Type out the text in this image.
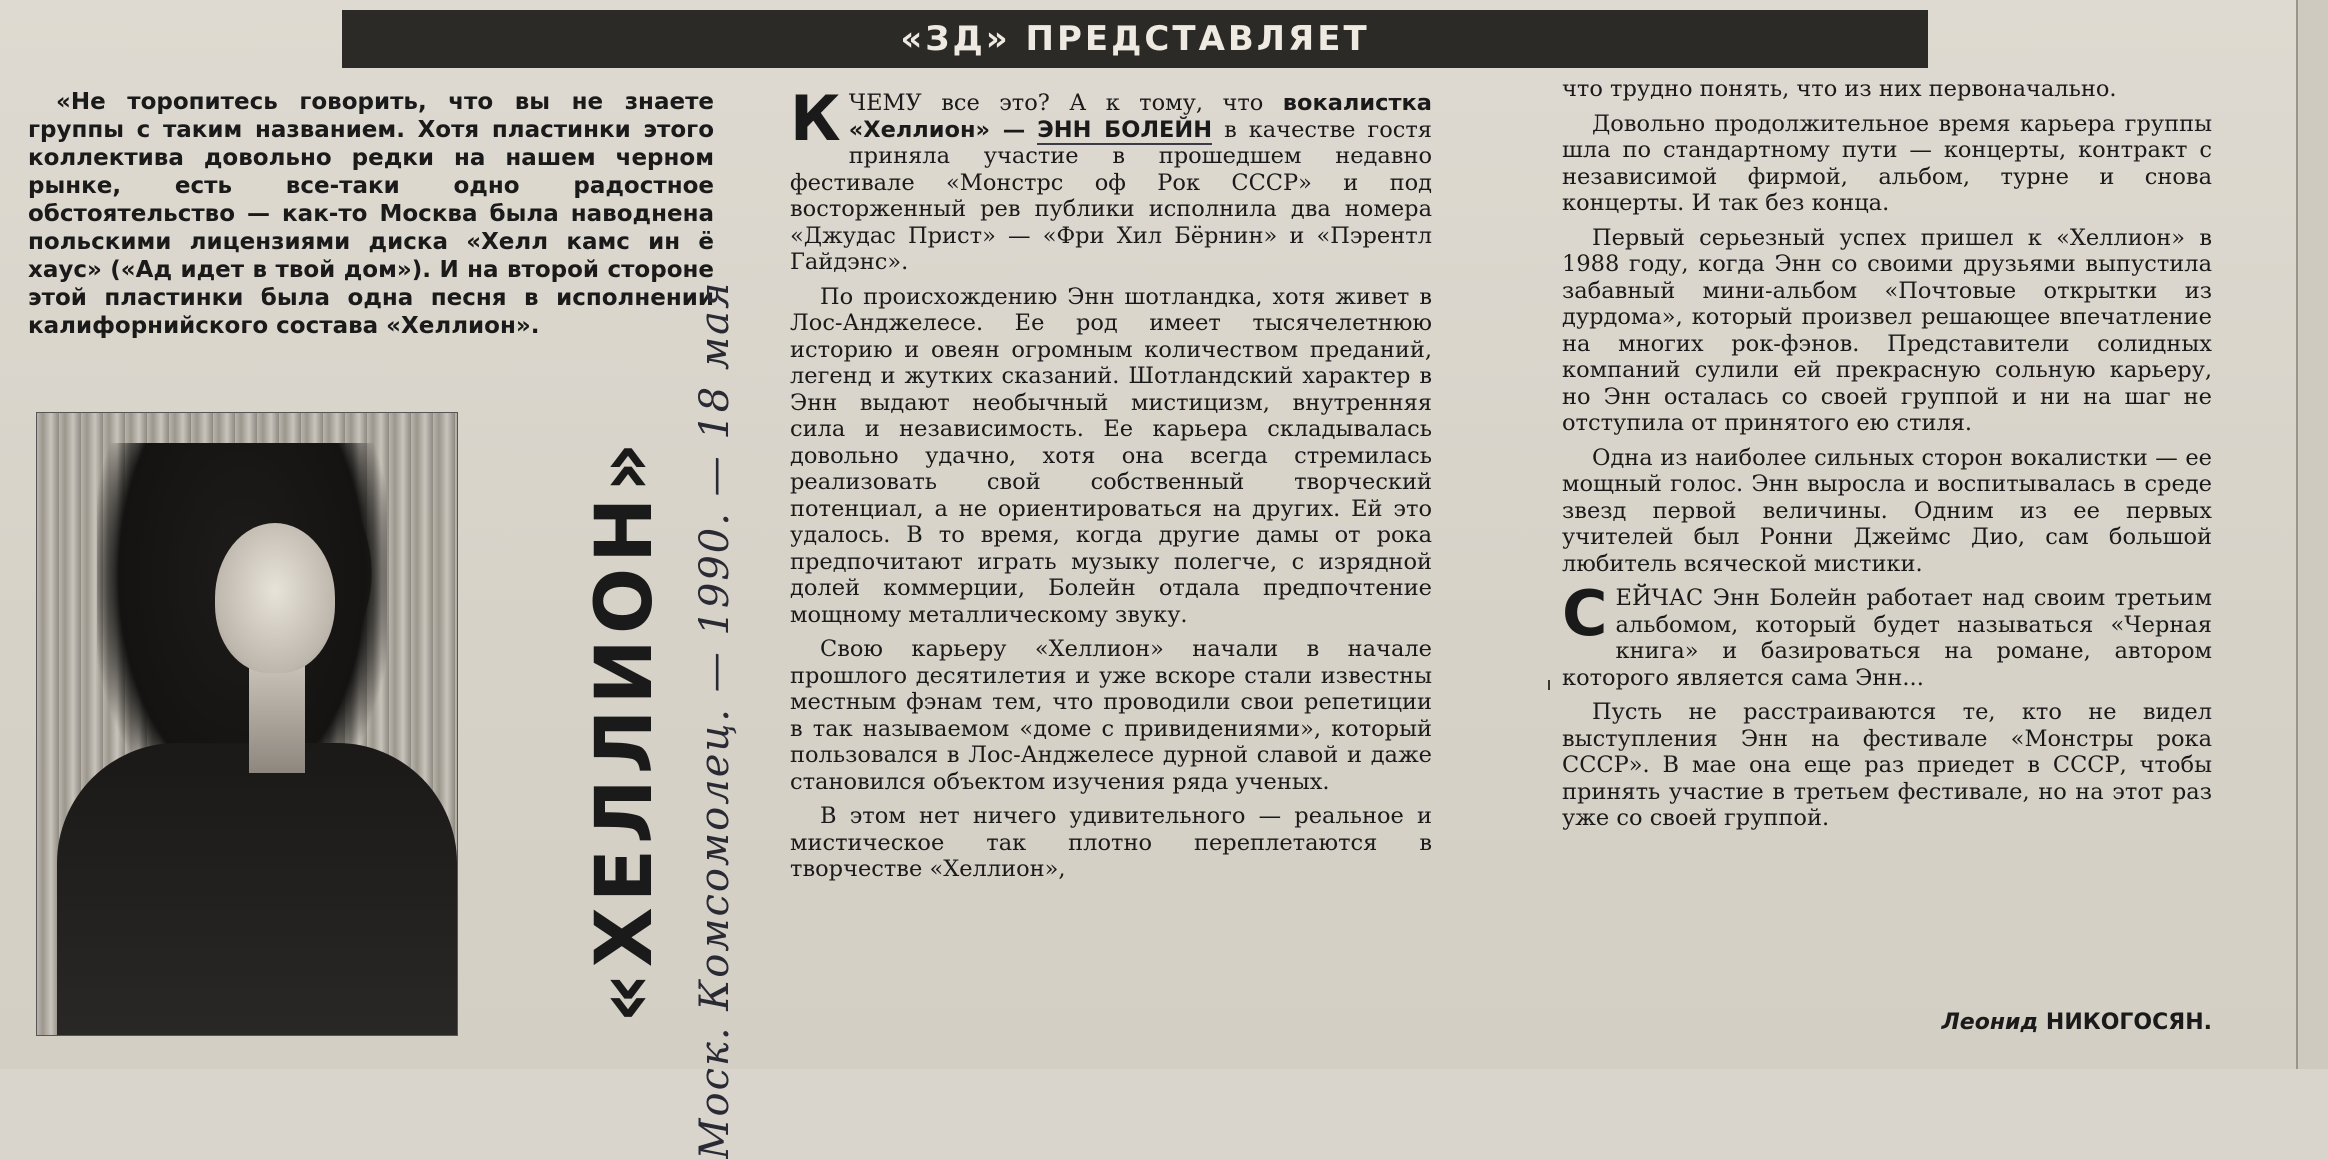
«ЗД» ПРЕДСТАВЛЯЕТ

«Не торопитесь говорить, что вы не знаете группы с таким названием. Хотя пластинки этого коллектива довольно редки на нашем черном рынке, есть все-таки одно радостное обстоятельство — как-то Москва была наводнена польскими лицензиями диска «Хелл камс ин ё хаус» («Ад идет в твой дом»). И на второй стороне этой пластинки была одна песня в исполнении калифорнийского состава «Хеллион».

«ХЕЛЛИОН» Моск. Комсомолец. — 1990. — 18 мая

К ЧЕМУ все это? А к тому, что вокалистка «Хеллион» — ЭНН БОЛЕЙН в качестве гостя приняла участие в прошедшем недавно фестивале «Монстрс оф Рок СССР» и под восторженный рев публики исполнила два номера «Джудас Прист» — «Фри Хил Бёрнин» и «Пэрентл Гайдэнс».

По происхождению Энн шотландка, хотя живет в Лос-Анджелесе. Ее род имеет тысячелетнюю историю и овеян огромным количеством преданий, легенд и жутких сказаний. Шотландский характер в Энн выдают необычный мистицизм, внутренняя сила и независимость. Ее карьера складывалась довольно удачно, хотя она всегда стремилась реализовать свой собственный творческий потенциал, а не ориентироваться на других. Ей это удалось. В то время, когда другие дамы от рока предпочитают играть музыку полегче, с изрядной долей коммерции, Болейн отдала предпочтение мощному металлическому звуку.

Свою карьеру «Хеллион» начали в начале прошлого десятилетия и уже вскоре стали известны местным фэнам тем, что проводили свои репетиции в так называемом «доме с привидениями», который пользовался в Лос-Анджелесе дурной славой и даже становился объектом изучения ряда ученых.

В этом нет ничего удивительного — реальное и мистическое так плотно переплетаются в творчестве «Хеллион»,

что трудно понять, что из них первоначально.

Довольно продолжительное время карьера группы шла по стандартному пути — концерты, контракт с независимой фирмой, альбом, турне и снова концерты. И так без конца.

Первый серьезный успех пришел к «Хеллион» в 1988 году, когда Энн со своими друзьями выпустила забавный мини-альбом «Почтовые открытки из дурдома», который произвел решающее впечатление на многих рок-фэнов. Представители солидных компаний сулили ей прекрасную сольную карьеру, но Энн осталась со своей группой и ни на шаг не отступила от принятого ею стиля.

Одна из наиболее сильных сторон вокалистки — ее мощный голос. Энн выросла и воспитывалась в среде звезд первой величины. Одним из ее первых учителей был Ронни Джеймс Дио, сам большой любитель всяческой мистики.

С ЕЙЧАС Энн Болейн работает над своим третьим альбомом, который будет называться «Черная книга» и базироваться на романе, автором которого является сама Энн...

Пусть не расстраиваются те, кто не видел выступления Энн на фестивале «Монстры рока СССР». В мае она еще раз приедет в СССР, чтобы принять участие в третьем фестивале, но на этот раз уже со своей группой.

Леонид НИКОГОСЯН.
